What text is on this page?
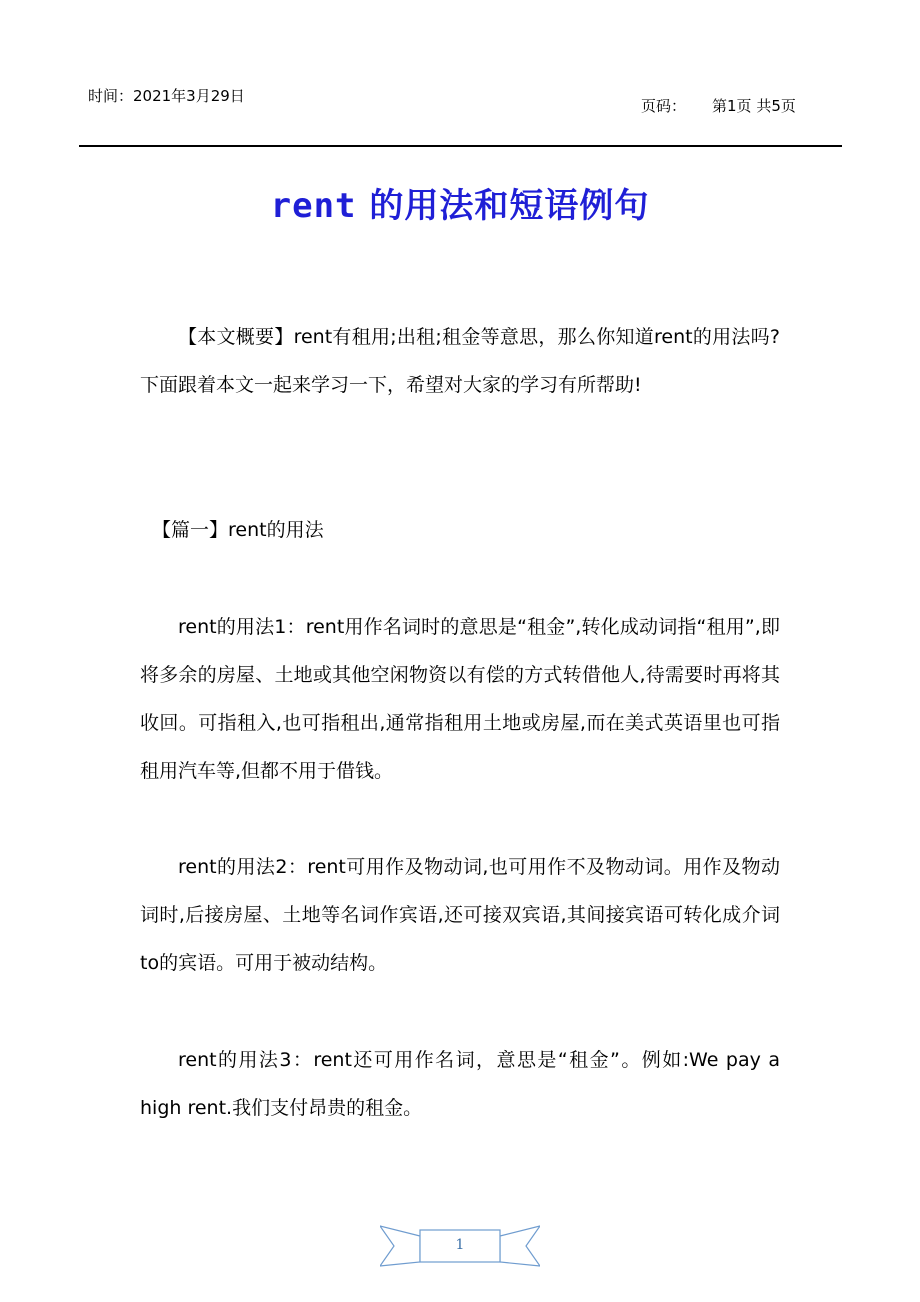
时间：2021年3月29日
页码： 第1页 共5页
rent 的用法和短语例句

【本文概要】rent有租用;出租;租金等意思，那么你知道rent的用法吗?下面跟着本文一起来学习一下，希望对大家的学习有所帮助!

【篇一】rent的用法

rent的用法1：rent用作名词时的意思是“租金”,转化成动词指“租用”,即将多余的房屋、土地或其他空闲物资以有偿的方式转借他人,待需要时再将其收回。可指租入,也可指租出,通常指租用土地或房屋,而在美式英语里也可指租用汽车等,但都不用于借钱。

rent的用法2：rent可用作及物动词,也可用作不及物动词。用作及物动词时,后接房屋、土地等名词作宾语,还可接双宾语,其间接宾语可转化成介词to的宾语。可用于被动结构。

rent的用法3：rent还可用作名词，意思是“租金”。例如:We pay a high rent.我们支付昂贵的租金。

1
